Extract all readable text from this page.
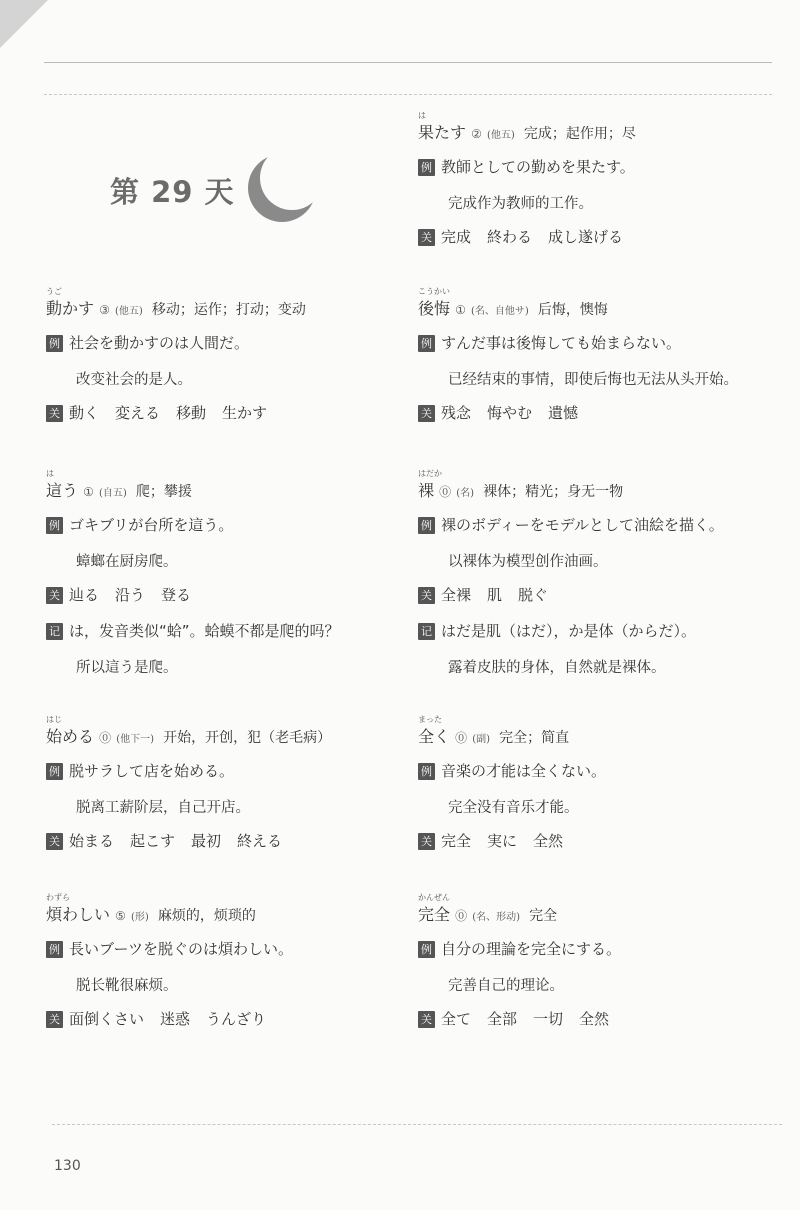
第 29 天
は
果たす ② (他五) 完成；起作用；尽
例 教師としての勤めを果たす。
完成作为教师的工作。
关 完成 終わる 成し遂げる
うご
動かす ③ (他五) 移动；运作；打动；变动
例 社会を動かすのは人間だ。
改变社会的是人。
关 動く 変える 移動 生かす
こうかい
後悔 ① (名、自他サ) 后悔，懊悔
例 すんだ事は後悔しても始まらない。
已经结束的事情，即使后悔也无法从头开始。
关 残念 悔やむ 遺憾
は
這う ① (自五) 爬；攀援
例 ゴキブリが台所を這う。
蟑螂在厨房爬。
关 辿る 沿う 登る
记 は，发音类似“蛤”。蛤蟆不都是爬的吗？
所以這う是爬。
はだか
裸 ⓪ (名) 裸体；精光；身无一物
例 裸のボディーをモデルとして油絵を描く。
以裸体为模型创作油画。
关 全裸 肌 脱ぐ
记 はだ是肌（はだ），か是体（からだ）。
露着皮肤的身体，自然就是裸体。
はじ
始める ⓪ (他下一) 开始，开创，犯（老毛病）
例 脱サラして店を始める。
脱离工薪阶层，自己开店。
关 始まる 起こす 最初 終える
まった
全く ⓪ (副) 完全；简直
例 音楽の才能は全くない。
完全没有音乐才能。
关 完全 実に 全然
わずら
煩わしい ⑤ (形) 麻烦的，烦琐的
例 長いブーツを脱ぐのは煩わしい。
脱长靴很麻烦。
关 面倒くさい 迷惑 うんざり
かんぜん
完全 ⓪ (名、形动) 完全
例 自分の理論を完全にする。
完善自己的理论。
关 全て 全部 一切 全然
130
